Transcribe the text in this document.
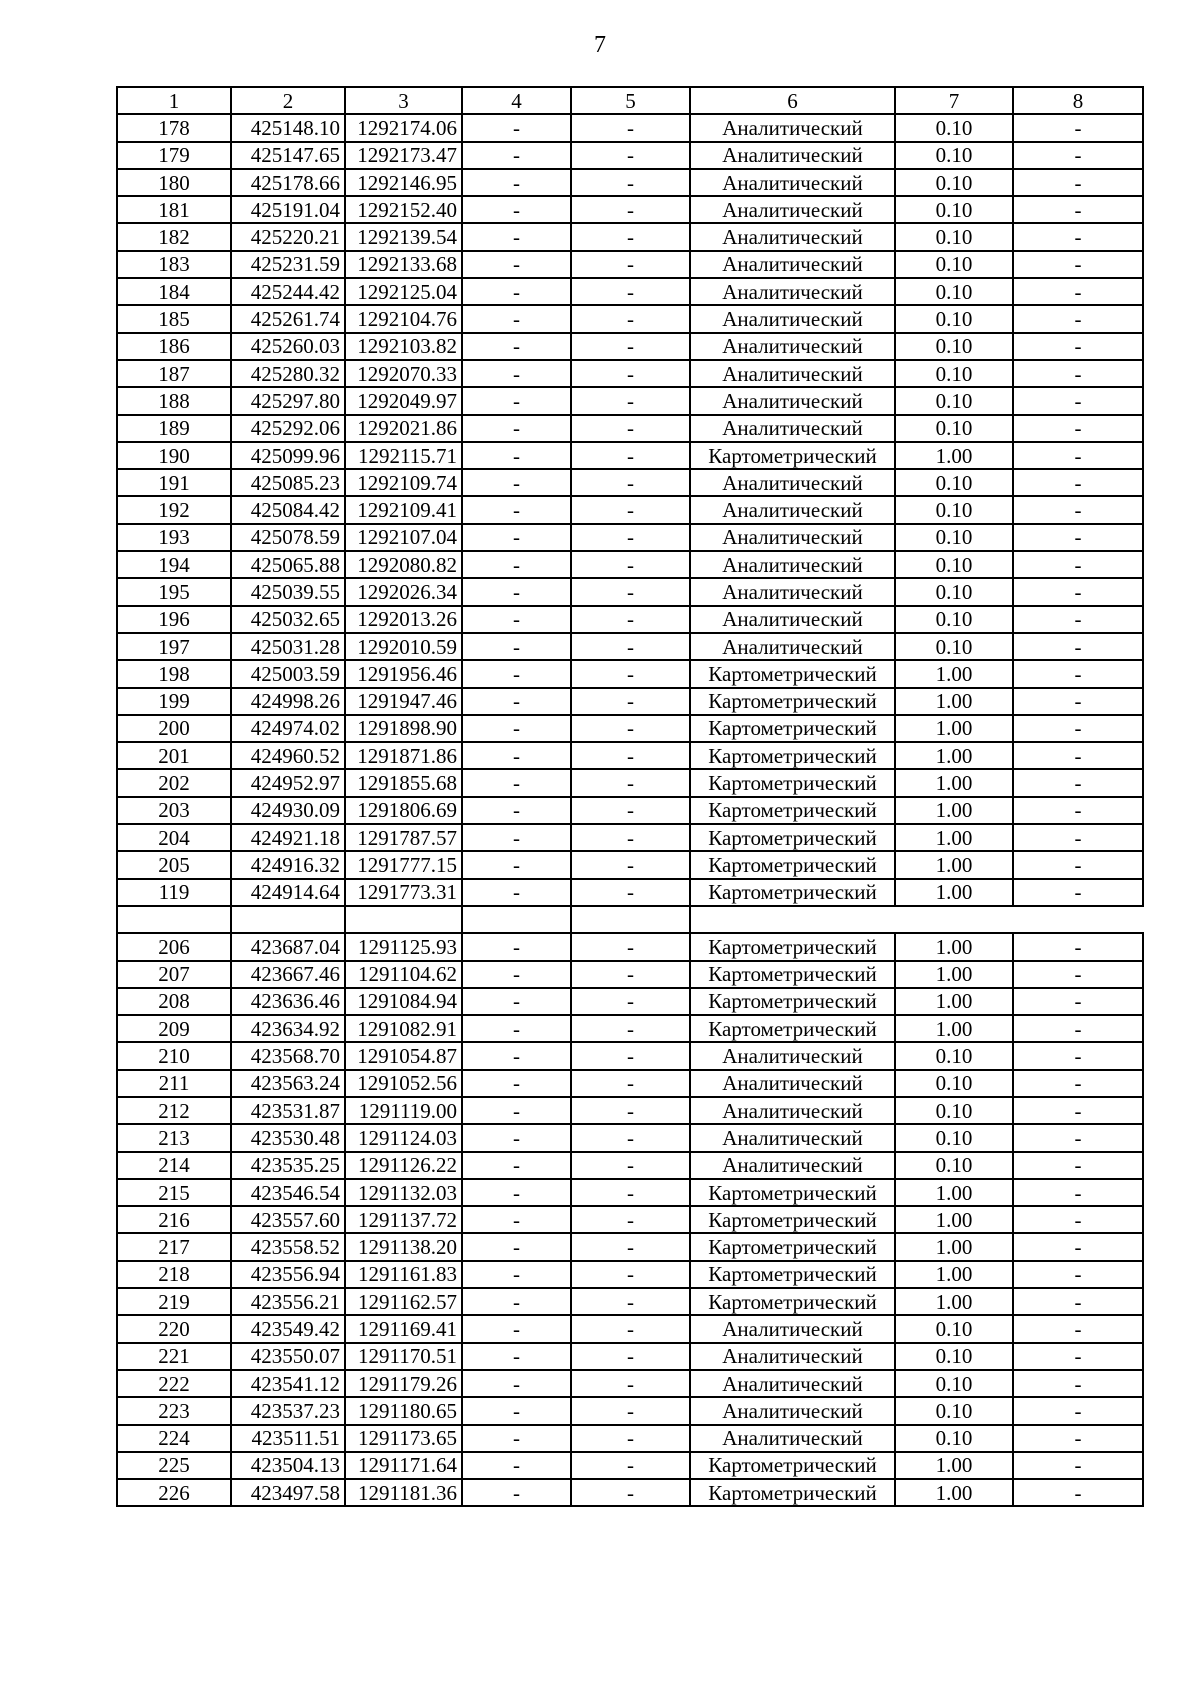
7
1	2	3	4	5	6	7	8
178	425148.10	1292174.06	-	-	Аналитический	0.10	-
179	425147.65	1292173.47	-	-	Аналитический	0.10	-
180	425178.66	1292146.95	-	-	Аналитический	0.10	-
181	425191.04	1292152.40	-	-	Аналитический	0.10	-
182	425220.21	1292139.54	-	-	Аналитический	0.10	-
183	425231.59	1292133.68	-	-	Аналитический	0.10	-
184	425244.42	1292125.04	-	-	Аналитический	0.10	-
185	425261.74	1292104.76	-	-	Аналитический	0.10	-
186	425260.03	1292103.82	-	-	Аналитический	0.10	-
187	425280.32	1292070.33	-	-	Аналитический	0.10	-
188	425297.80	1292049.97	-	-	Аналитический	0.10	-
189	425292.06	1292021.86	-	-	Аналитический	0.10	-
190	425099.96	1292115.71	-	-	Картометрический	1.00	-
191	425085.23	1292109.74	-	-	Аналитический	0.10	-
192	425084.42	1292109.41	-	-	Аналитический	0.10	-
193	425078.59	1292107.04	-	-	Аналитический	0.10	-
194	425065.88	1292080.82	-	-	Аналитический	0.10	-
195	425039.55	1292026.34	-	-	Аналитический	0.10	-
196	425032.65	1292013.26	-	-	Аналитический	0.10	-
197	425031.28	1292010.59	-	-	Аналитический	0.10	-
198	425003.59	1291956.46	-	-	Картометрический	1.00	-
199	424998.26	1291947.46	-	-	Картометрический	1.00	-
200	424974.02	1291898.90	-	-	Картометрический	1.00	-
201	424960.52	1291871.86	-	-	Картометрический	1.00	-
202	424952.97	1291855.68	-	-	Картометрический	1.00	-
203	424930.09	1291806.69	-	-	Картометрический	1.00	-
204	424921.18	1291787.57	-	-	Картометрический	1.00	-
205	424916.32	1291777.15	-	-	Картометрический	1.00	-
119	424914.64	1291773.31	-	-	Картометрический	1.00	-

206	423687.04	1291125.93	-	-	Картометрический	1.00	-
207	423667.46	1291104.62	-	-	Картометрический	1.00	-
208	423636.46	1291084.94	-	-	Картометрический	1.00	-
209	423634.92	1291082.91	-	-	Картометрический	1.00	-
210	423568.70	1291054.87	-	-	Аналитический	0.10	-
211	423563.24	1291052.56	-	-	Аналитический	0.10	-
212	423531.87	1291119.00	-	-	Аналитический	0.10	-
213	423530.48	1291124.03	-	-	Аналитический	0.10	-
214	423535.25	1291126.22	-	-	Аналитический	0.10	-
215	423546.54	1291132.03	-	-	Картометрический	1.00	-
216	423557.60	1291137.72	-	-	Картометрический	1.00	-
217	423558.52	1291138.20	-	-	Картометрический	1.00	-
218	423556.94	1291161.83	-	-	Картометрический	1.00	-
219	423556.21	1291162.57	-	-	Картометрический	1.00	-
220	423549.42	1291169.41	-	-	Аналитический	0.10	-
221	423550.07	1291170.51	-	-	Аналитический	0.10	-
222	423541.12	1291179.26	-	-	Аналитический	0.10	-
223	423537.23	1291180.65	-	-	Аналитический	0.10	-
224	423511.51	1291173.65	-	-	Аналитический	0.10	-
225	423504.13	1291171.64	-	-	Картометрический	1.00	-
226	423497.58	1291181.36	-	-	Картометрический	1.00	-
